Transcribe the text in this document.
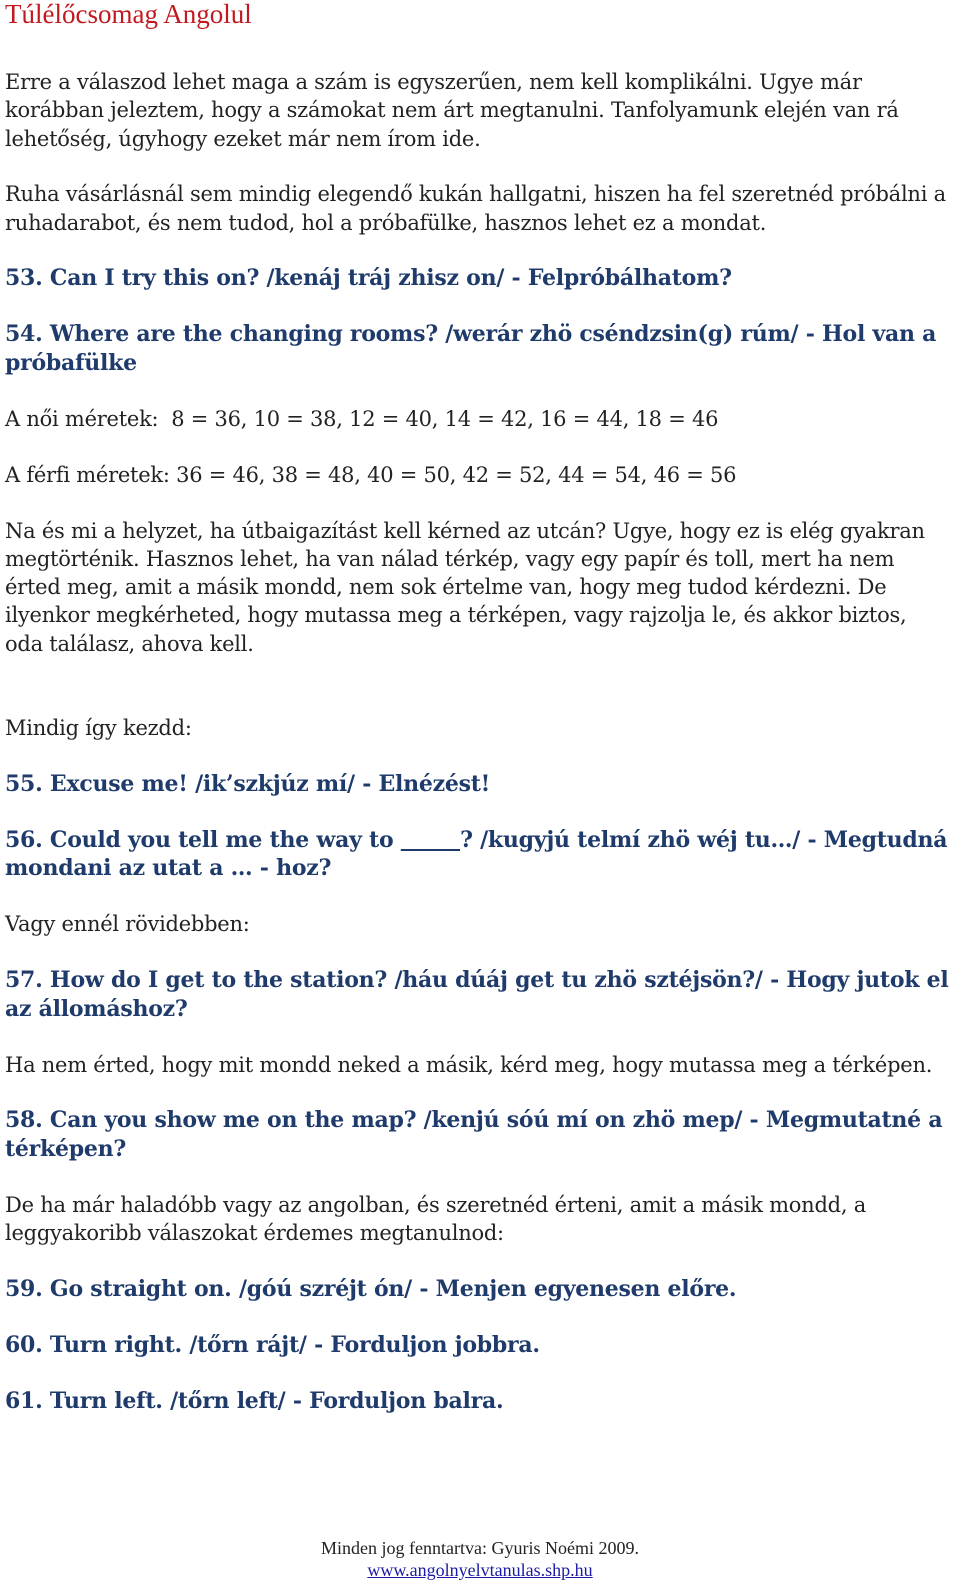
Túlélőcsomag Angolul

Erre a válaszod lehet maga a szám is egyszerűen, nem kell komplikálni. Ugye már korábban jeleztem, hogy a számokat nem árt megtanulni. Tanfolyamunk elején van rá lehetőség, úgyhogy ezeket már nem írom ide.

Ruha vásárlásnál sem mindig elegendő kukán hallgatni, hiszen ha fel szeretnéd próbálni a ruhadarabot, és nem tudod, hol a próbafülke, hasznos lehet ez a mondat.

53. Can I try this on? /kenáj tráj zhisz on/ - Felpróbálhatom?

54. Where are the changing rooms? /werár zhö cséndzsin(g) rúm/ - Hol van a próbafülke

A női méretek:  8 = 36, 10 = 38, 12 = 40, 14 = 42, 16 = 44, 18 = 46

A férfi méretek: 36 = 46, 38 = 48, 40 = 50, 42 = 52, 44 = 54, 46 = 56

Na és mi a helyzet, ha útbaigazítást kell kérned az utcán? Ugye, hogy ez is elég gyakran megtörténik. Hasznos lehet, ha van nálad térkép, vagy egy papír és toll, mert ha nem érted meg, amit a másik mondd, nem sok értelme van, hogy meg tudod kérdezni. De ilyenkor megkérheted, hogy mutassa meg a térképen, vagy rajzolja le, és akkor biztos, oda találasz, ahova kell.

Mindig így kezdd:

55. Excuse me! /ik’szkjúz mí/ - Elnézést!

56. Could you tell me the way to	? /kugyjú telmí zhö wéj tu…/ - Megtudná mondani az utat a … - hoz?

Vagy ennél rövidebben:

57. How do I get to the station? /háu dúáj get tu zhö sztéjsön?/ - Hogy jutok el az állomáshoz?

Ha nem érted, hogy mit mondd neked a másik, kérd meg, hogy mutassa meg a térképen.

58. Can you show me on the map? /kenjú sóú mí on zhö mep/ - Megmutatné a térképen?

De ha már haladóbb vagy az angolban, és szeretnéd érteni, amit a másik mondd, a leggyakoribb válaszokat érdemes megtanulnod:

59. Go straight on. /góú szréjt ón/ - Menjen egyenesen előre.

60. Turn right. /tőrn rájt/ - Forduljon jobbra.

61. Turn left. /tőrn left/ - Forduljon balra.

Minden jog fenntartva: Gyuris Noémi 2009.
www.angolnyelvtanulas.shp.hu
